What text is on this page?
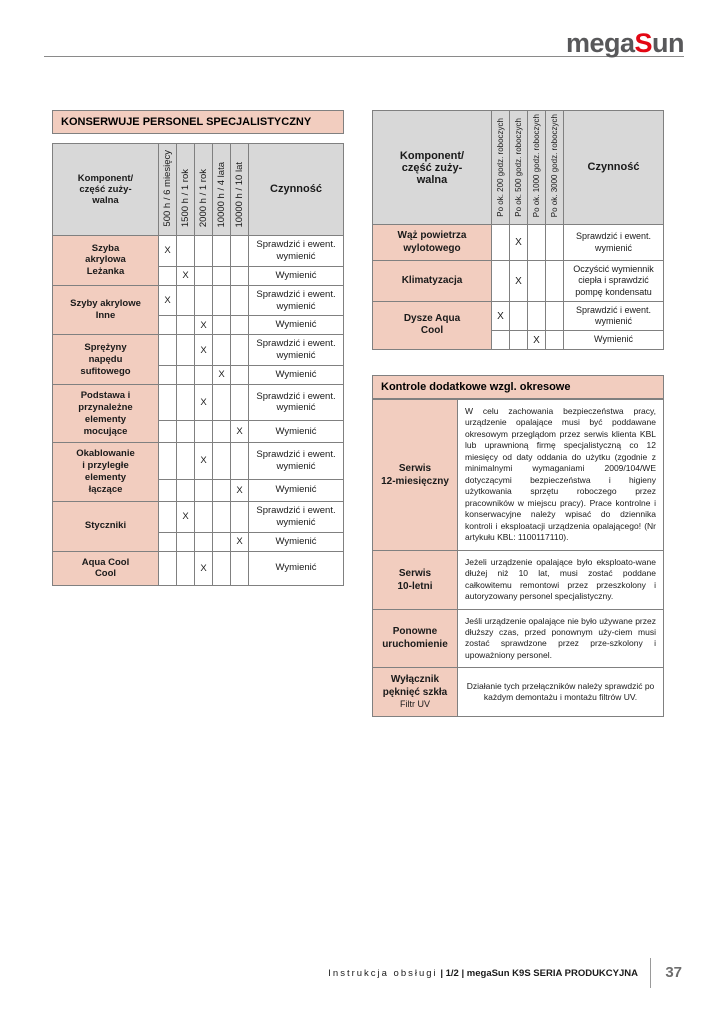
megaSun
KONSERWUJE PERSONEL SPECJALISTYCZNY
Komponent/
część zuży-
walna	500 h / 6 miesięcy	1500 h / 1 rok	2000 h / 1 rok	10000 h / 4 lata	10000 h / 10 lat	Czynność

Szyba
akrylowa
Leżanka	X					Sprawdzić i ewent. wymienić
		X				Wymienić

Szyby akrylowe
Inne	X					Sprawdzić i ewent. wymienić
			X			Wymienić

Sprężyny
napędu
sufitowego			X			Sprawdzić i ewent. wymienić
				X		Wymienić

Podstawa i
przynależne
elementy
mocujące			X			Sprawdzić i ewent. wymienić
					X	Wymienić

Okablowanie
i przyległe
elementy
łączące			X			Sprawdzić i ewent. wymienić
					X	Wymienić

Styczniki		X				Sprawdzić i ewent. wymienić
					X	Wymienić

Aqua Cool
Cool			X			Wymienić
Komponent/
część zuży-
walna	Po ok. 200 godz. roboczych	Po ok. 500 godz. roboczych	Po ok. 1000 godz. roboczych	Po ok. 3000 godz. roboczych	Czynność

Wąż powietrza
wylotowego		X			Sprawdzić i ewent. wymienić

Klimatyzacja		X			Oczyścić wymiennik ciepła i sprawdzić pompę kondensatu

Dysze Aqua
Cool	X				Sprawdzić i ewent. wymienić
			X		Wymienić
Kontrole dodatkowe wzgl. okresowe
Serwis
12-miesięczny	W celu zachowania bezpieczeństwa pracy, urządzenie opalające musi być poddawane okresowym przeglądom przez serwis klienta KBL lub uprawnioną firmę specjalistyczną co 12 miesięcy od daty oddania do użytku (zgodnie z minimalnymi wymaganiami 2009/104/WE dotyczącymi bezpieczeństwa i higieny użytkowania sprzętu roboczego przez pracowników w miejscu pracy). Prace kontrolne i konserwacyjne należy wpisać do dziennika kontroli i eksploatacji urządzenia opalającego! (Nr artykułu KBL: 1100117110).

Serwis
10-letni	Jeżeli urządzenie opalające było eksploato-wane dłużej niż 10 lat, musi zostać poddane całkowitemu remontowi przez przeszkolony i autoryzowany personel specjalistyczny.

Ponowne
uruchomienie	Jeśli urządzenie opalające nie było używane przez dłuższy czas, przed ponownym uży-ciem musi zostać sprawdzone przez prze-szkolony i upoważniony personel.

Wyłącznik
pęknięć szkła
Filtr UV	Działanie tych przełączników należy sprawdzić po każdym demontażu i montażu filtrów UV.
Instrukcja obsługi | 1/2 | megaSun K9S SERIA PRODUKCYJNA	37
